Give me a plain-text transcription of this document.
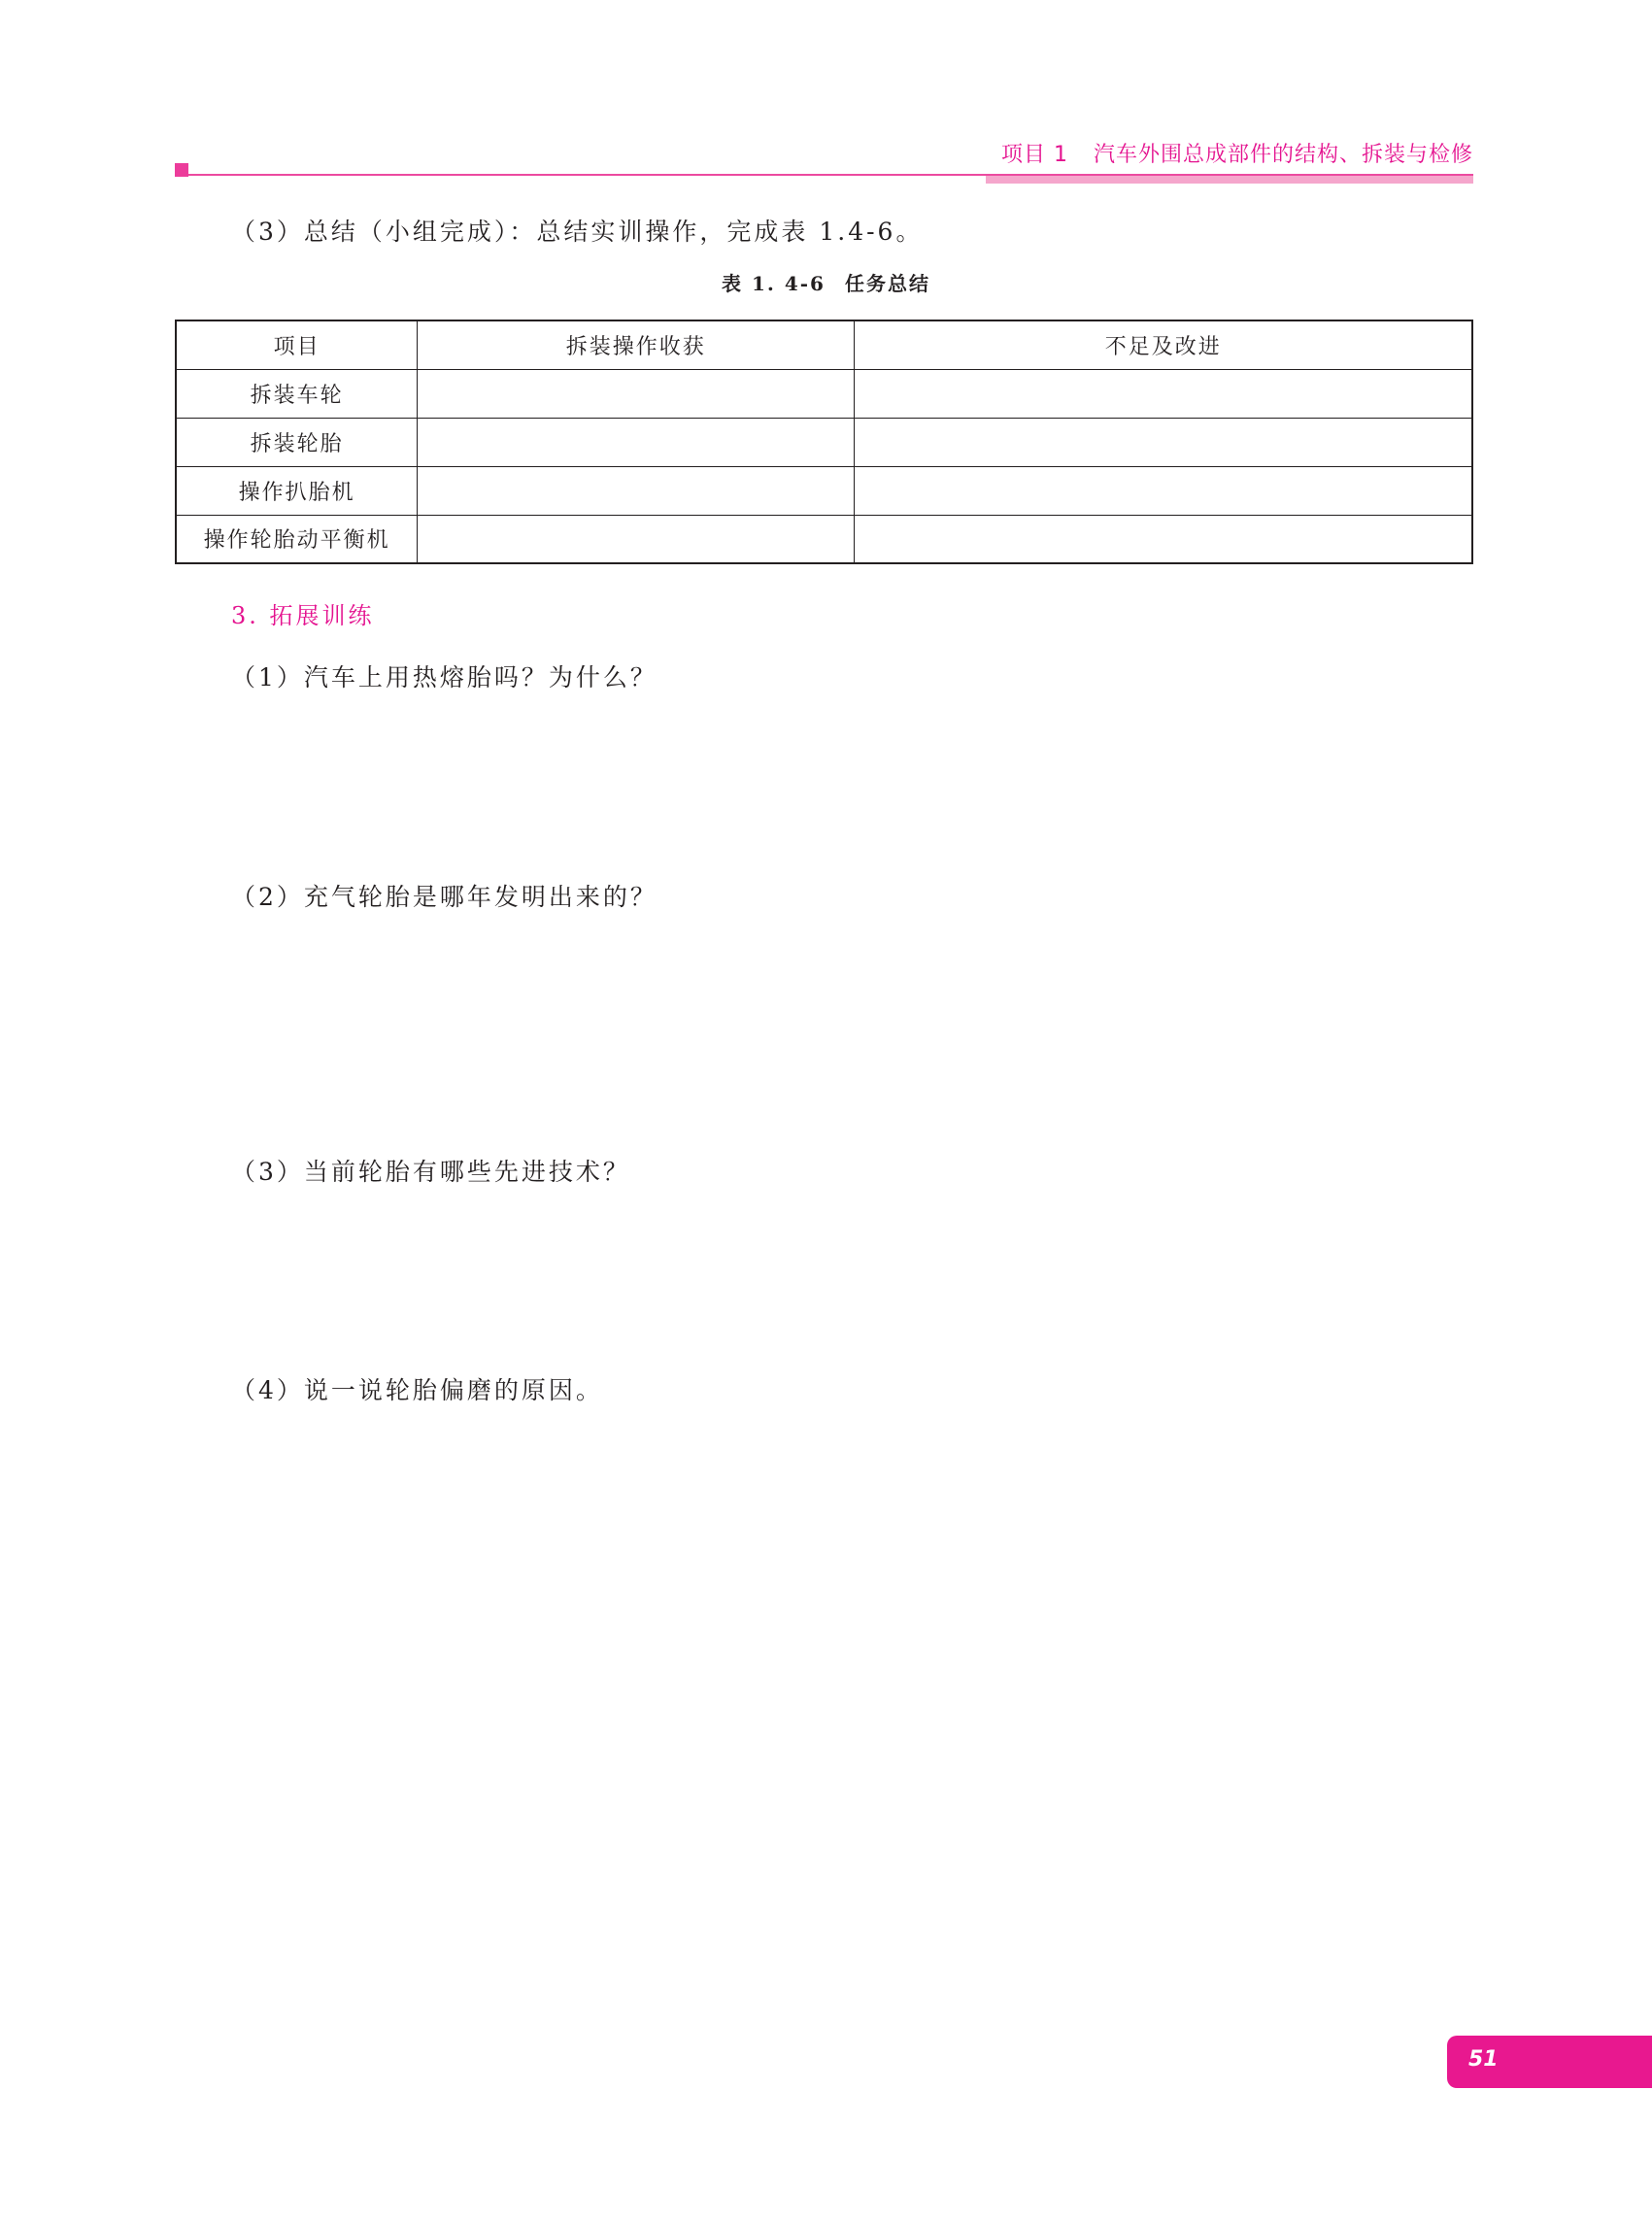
项目 1 汽车外围总成部件的结构、拆装与检修
（3）总结（小组完成）：总结实训操作，完成表 1.4-6。
表 1. 4-6 任务总结
项目	拆装操作收获	不足及改进
拆装车轮		
拆装轮胎		
操作扒胎机		
操作轮胎动平衡机		
3. 拓展训练
（1）汽车上用热熔胎吗？为什么？
（2）充气轮胎是哪年发明出来的？
（3）当前轮胎有哪些先进技术？
（4）说一说轮胎偏磨的原因。
51
